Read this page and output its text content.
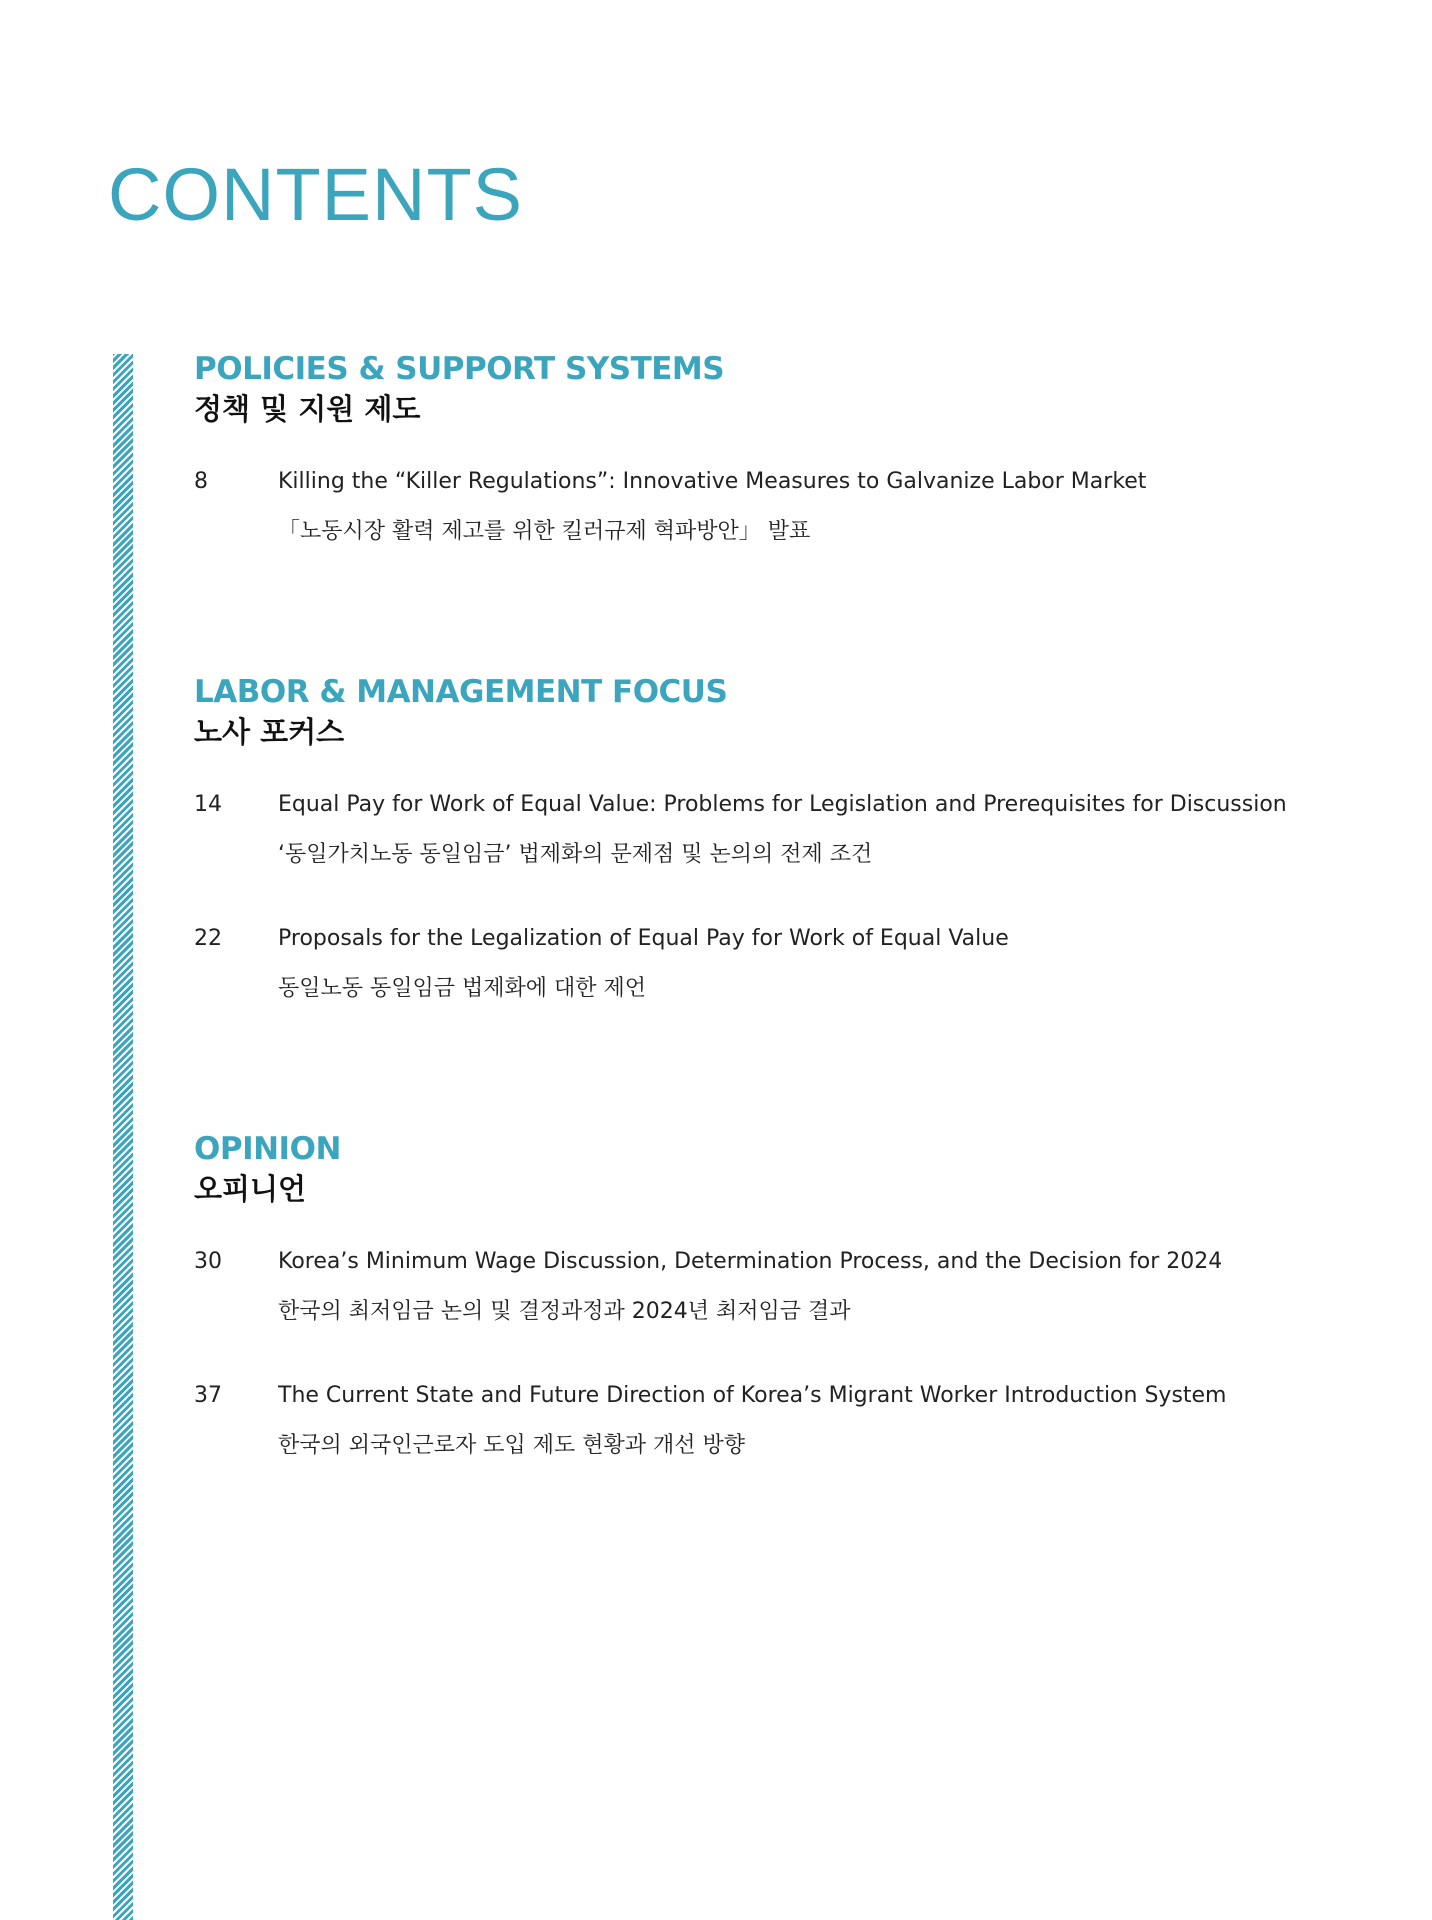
CONTENTS
POLICIES & SUPPORT SYSTEMS
정책 및 지원 제도
8	Killing the “Killer Regulations”: Innovative Measures to Galvanize Labor Market

「노동시장 활력 제고를 위한 킬러규제 혁파방안」 발표

LABOR & MANAGEMENT FOCUS
노사 포커스
14	Equal Pay for Work of Equal Value: Problems for Legislation and Prerequisites for Discussion

‘동일가치노동 동일임금’ 법제화의 문제점 및 논의의 전제 조건

22	Proposals for the Legalization of Equal Pay for Work of Equal Value

동일노동 동일임금 법제화에 대한 제언

OPINION
오피니언
30	Korea’s Minimum Wage Discussion, Determination Process, and the Decision for 2024

한국의 최저임금 논의 및 결정과정과 2024년 최저임금 결과

37	The Current State and Future Direction of Korea’s Migrant Worker Introduction System

한국의 외국인근로자 도입 제도 현황과 개선 방향
